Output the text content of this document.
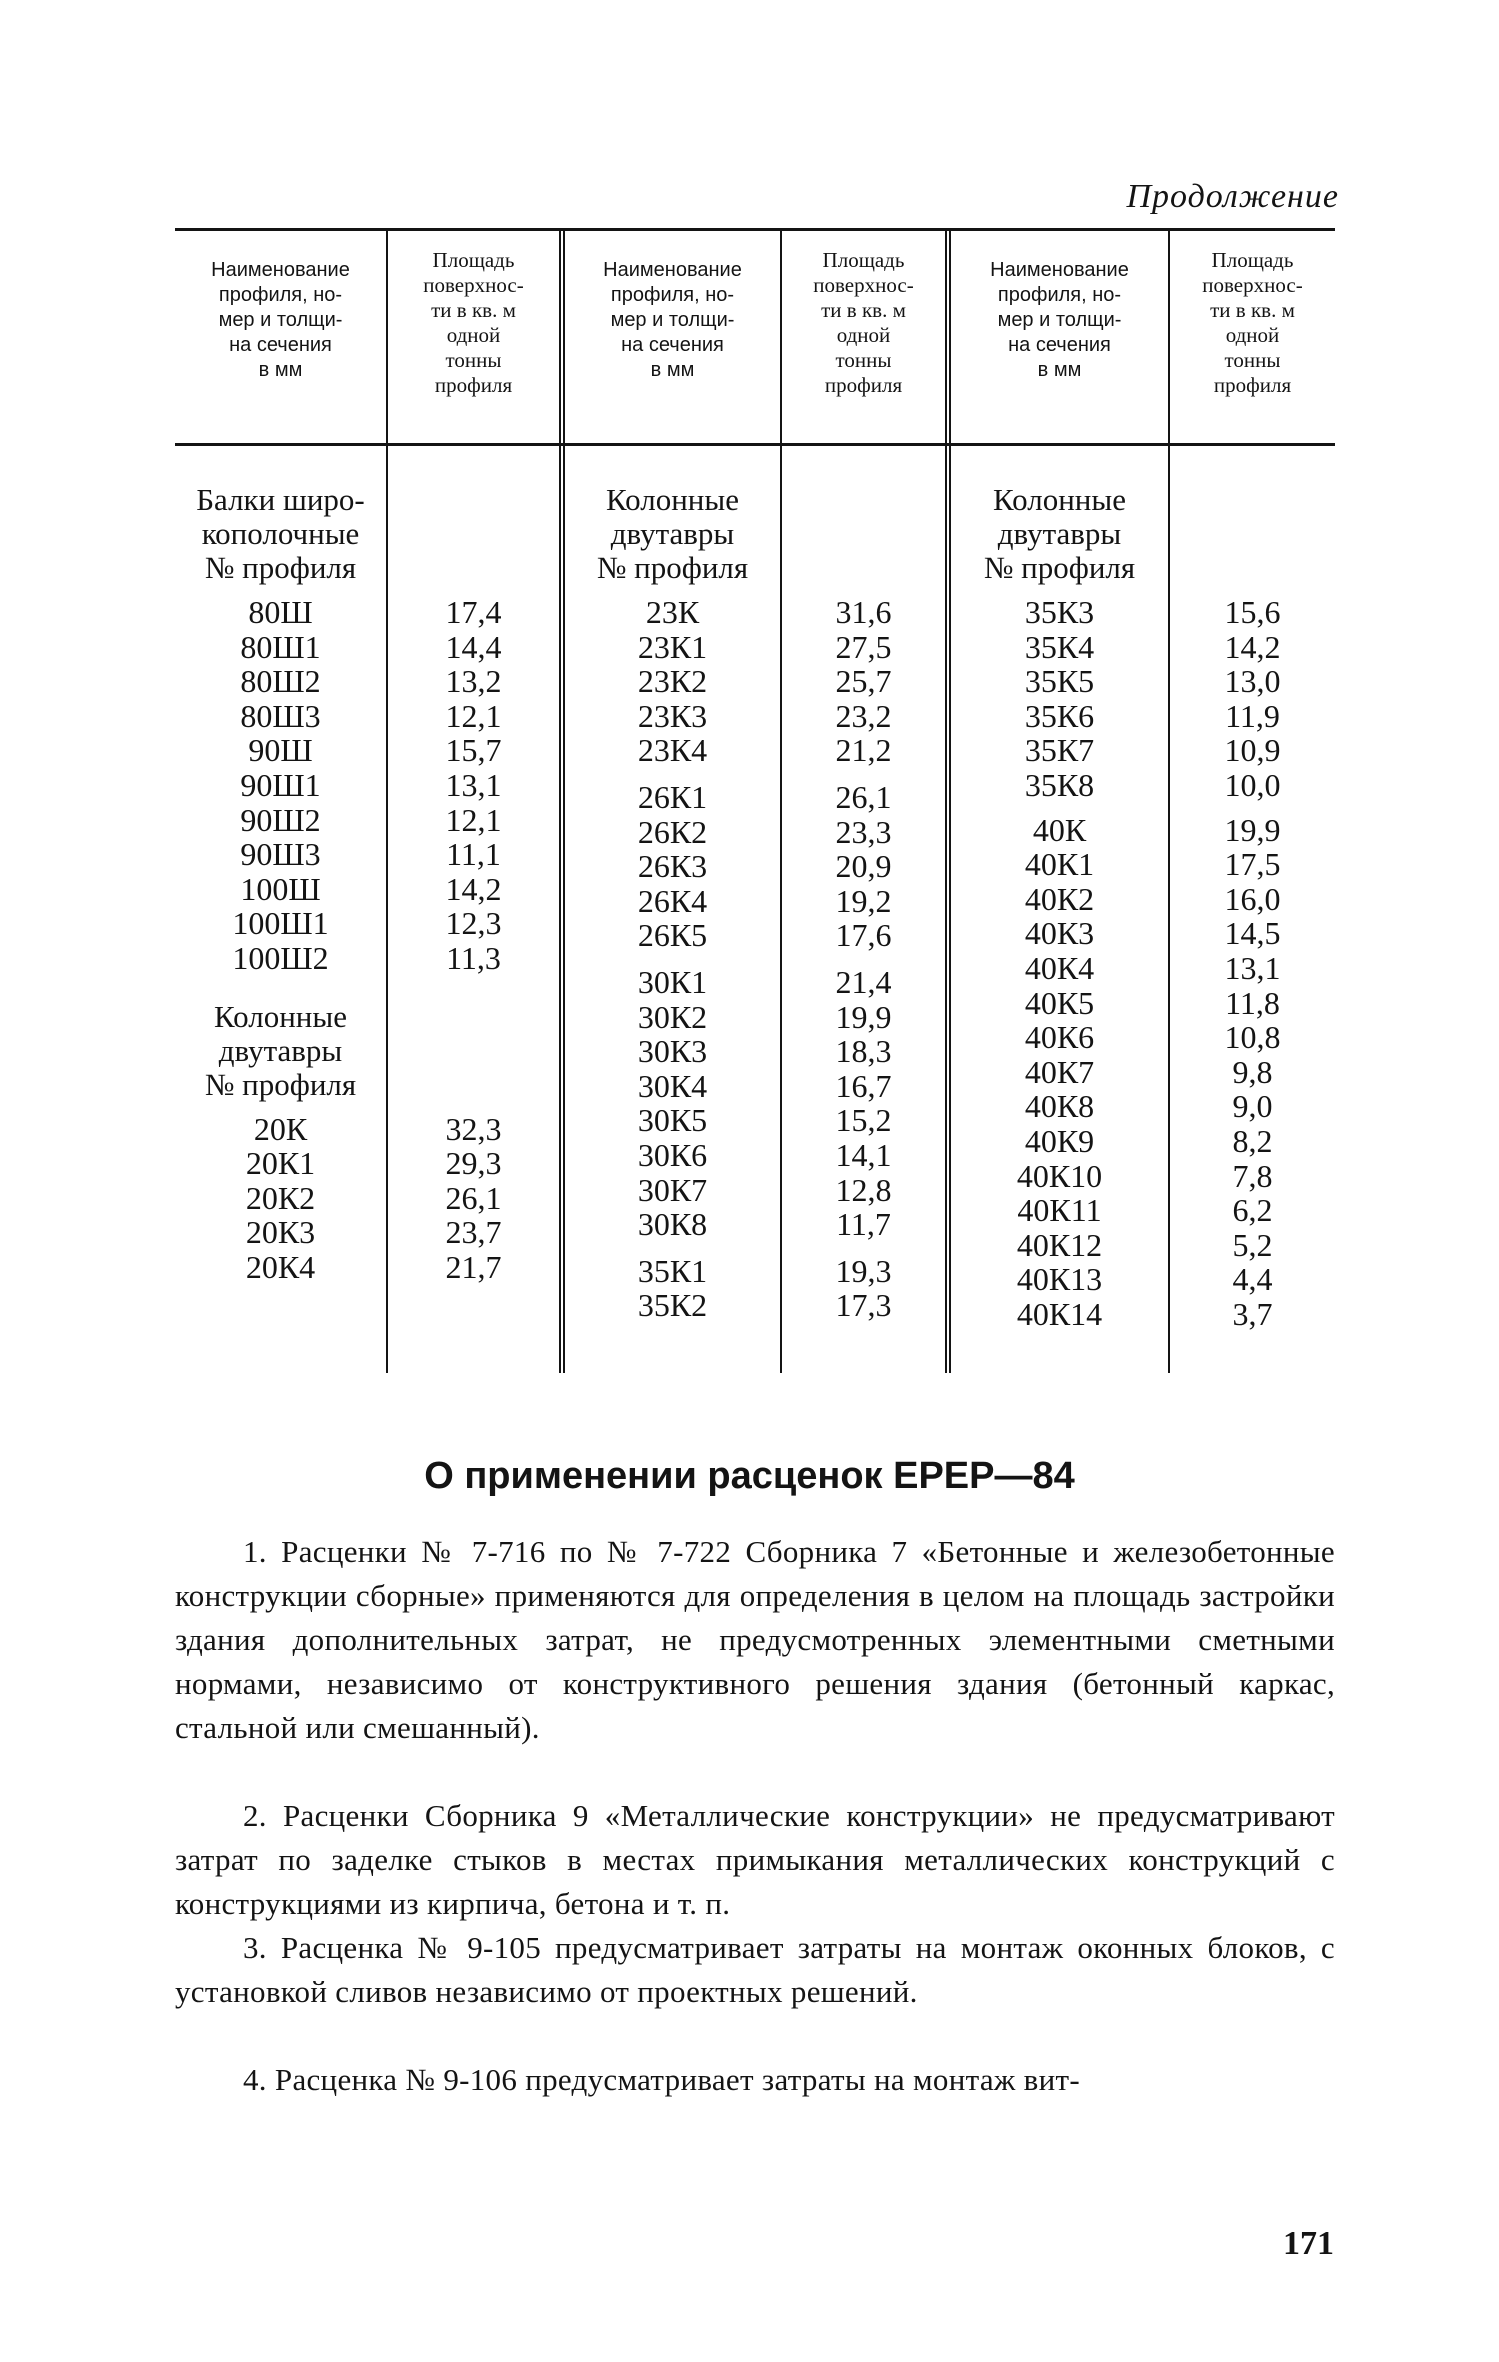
Продолжение
Наименование
профиля, но-
мер и толщи-
на сечения
в мм
Площадь
поверхнос-
ти в кв. м
одной
тонны
профиля
Наименование
профиля, но-
мер и толщи-
на сечения
в мм
Площадь
поверхнос-
ти в кв. м
одной
тонны
профиля
Наименование
профиля, но-
мер и толщи-
на сечения
в мм
Площадь
поверхнос-
ти в кв. м
одной
тонны
профиля
Балки широ-
кополочные
№ профиля
80Ш
80Ш1
80Ш2
80Ш3
90Ш
90Ш1
90Ш2
90Ш3
100Ш
100Ш1
100Ш2
Колонные
двутавры
№ профиля
20К
20К1
20К2
20К3
20К4
17,4
14,4
13,2
12,1
15,7
13,1
12,1
11,1
14,2
12,3
11,3
32,3
29,3
26,1
23,7
21,7
Колонные
двутавры
№ профиля
23К
23К1
23К2
23К3
23К4
26К1
26К2
26К3
26К4
26К5
30К1
30К2
30К3
30К4
30К5
30К6
30К7
30К8
35К1
35К2
31,6
27,5
25,7
23,2
21,2
26,1
23,3
20,9
19,2
17,6
21,4
19,9
18,3
16,7
15,2
14,1
12,8
11,7
19,3
17,3
Колонные
двутавры
№ профиля
35К3
35К4
35К5
35К6
35К7
35К8
40К
40К1
40К2
40К3
40К4
40К5
40К6
40К7
40К8
40К9
40К10
40К11
40К12
40К13
40К14
15,6
14,2
13,0
11,9
10,9
10,0
19,9
17,5
16,0
14,5
13,1
11,8
10,8
9,8
9,0
8,2
7,8
6,2
5,2
4,4
3,7
О применении расценок ЕРЕР—84
1. Расценки № 7-716 по № 7-722 Сборника 7 «Бетонные и железобетонные конструкции сборные» применяются для определения в целом на площадь застройки здания дополнительных затрат, не предусмотренных элементными сметными нормами, независимо от конструктивного решения здания (бетонный каркас, стальной или смешанный).
2. Расценки Сборника 9 «Металлические конструкции» не предусматривают затрат по заделке стыков в местах примыкания металлических конструкций с конструкциями из кирпича, бетона и т. п.
3. Расценка № 9-105 предусматривает затраты на монтаж оконных блоков, с установкой сливов независимо от проектных решений.
4. Расценка № 9-106 предусматривает затраты на монтаж вит-
171
